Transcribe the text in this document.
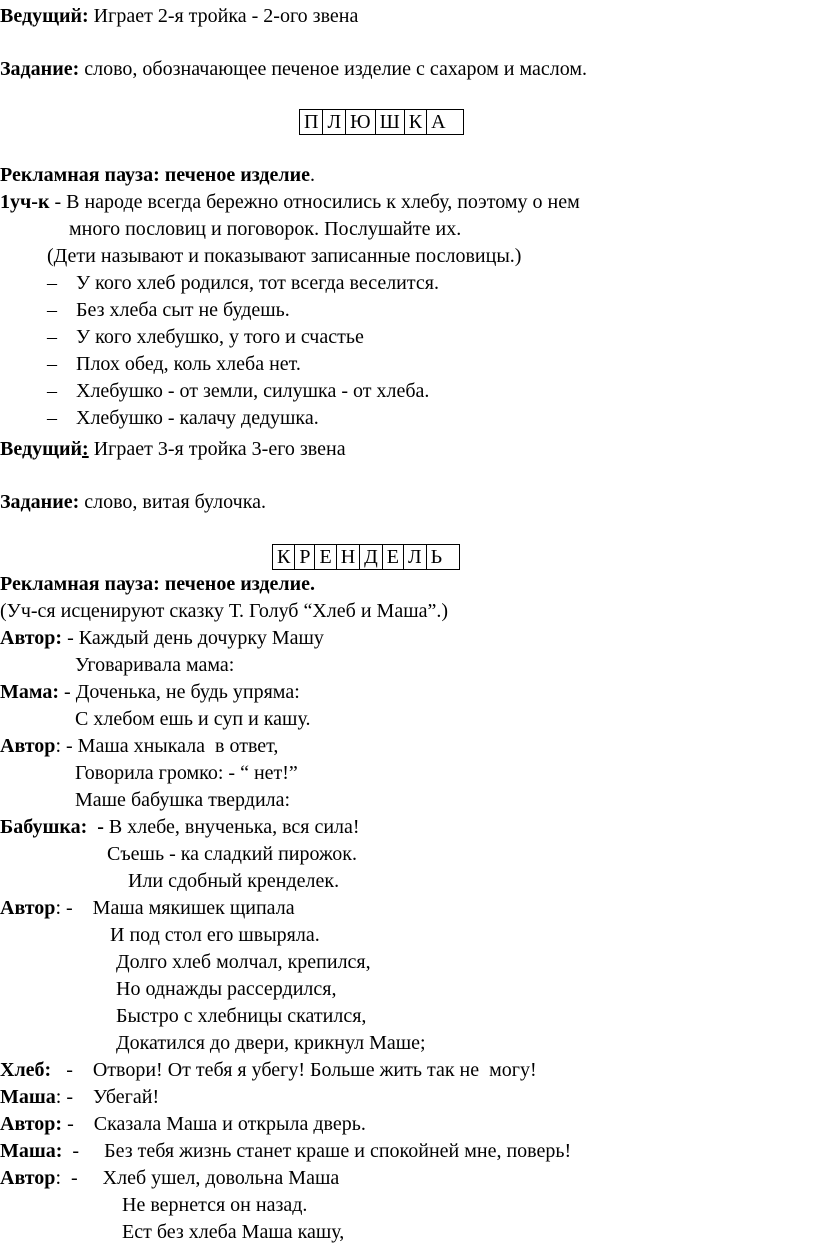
Ведущий: Играет 2-я тройка - 2-ого звена
Задание: слово, обозначающее печеное изделие с сахаром и маслом.
П	Л	Ю	Ш	К	А
Рекламная пауза: печеное изделие.
1уч-к - В народе всегда бережно относились к хлебу, поэтому о нем
много пословиц и поговорок. Послушайте их.
(Дети называют и показывают записанные пословицы.)
– У кого хлеб родился, тот всегда веселится.
– Без хлеба сыт не будешь.
– У кого хлебушко, у того и счастье
– Плох обед, коль хлеба нет.
– Хлебушко - от земли, силушка - от хлеба.
– Хлебушко - калачу дедушка.
Ведущий: Играет 3-я тройка 3-его звена
Задание: слово, витая булочка.
К	Р	Е	Н	Д	Е	Л	Ь
Рекламная пауза: печеное изделие.
(Уч-ся исценируют сказку Т. Голуб “Хлеб и Маша”.)
Автор: - Каждый день дочурку Машу
Уговаривала мама:
Мама: - Доченька, не будь упряма:
С хлебом ешь и суп и кашу.
Автор: - Маша хныкала  в ответ,
Говорила громко: - “ нет!”
Маше бабушка твердила:
Бабушка:  - В хлебе, внученька, вся сила!
Съешь - ка сладкий пирожок.
Или сдобный кренделек.
Автор: -    Маша мякишек щипала
И под стол его швыряла.
Долго хлеб молчал, крепился,
Но однажды рассердился,
Быстро с хлебницы скатился,
Докатился до двери, крикнул Маше;
Хлеб:   -    Отвори! От тебя я убегу! Больше жить так не  могу!
Маша: -    Убегай!
Автор: -    Сказала Маша и открыла дверь.
Маша:  -     Без тебя жизнь станет краше и спокойней мне, поверь!
Автор:  -     Хлеб ушел, довольна Маша
Не вернется он назад.
Ест без хлеба Маша кашу,
